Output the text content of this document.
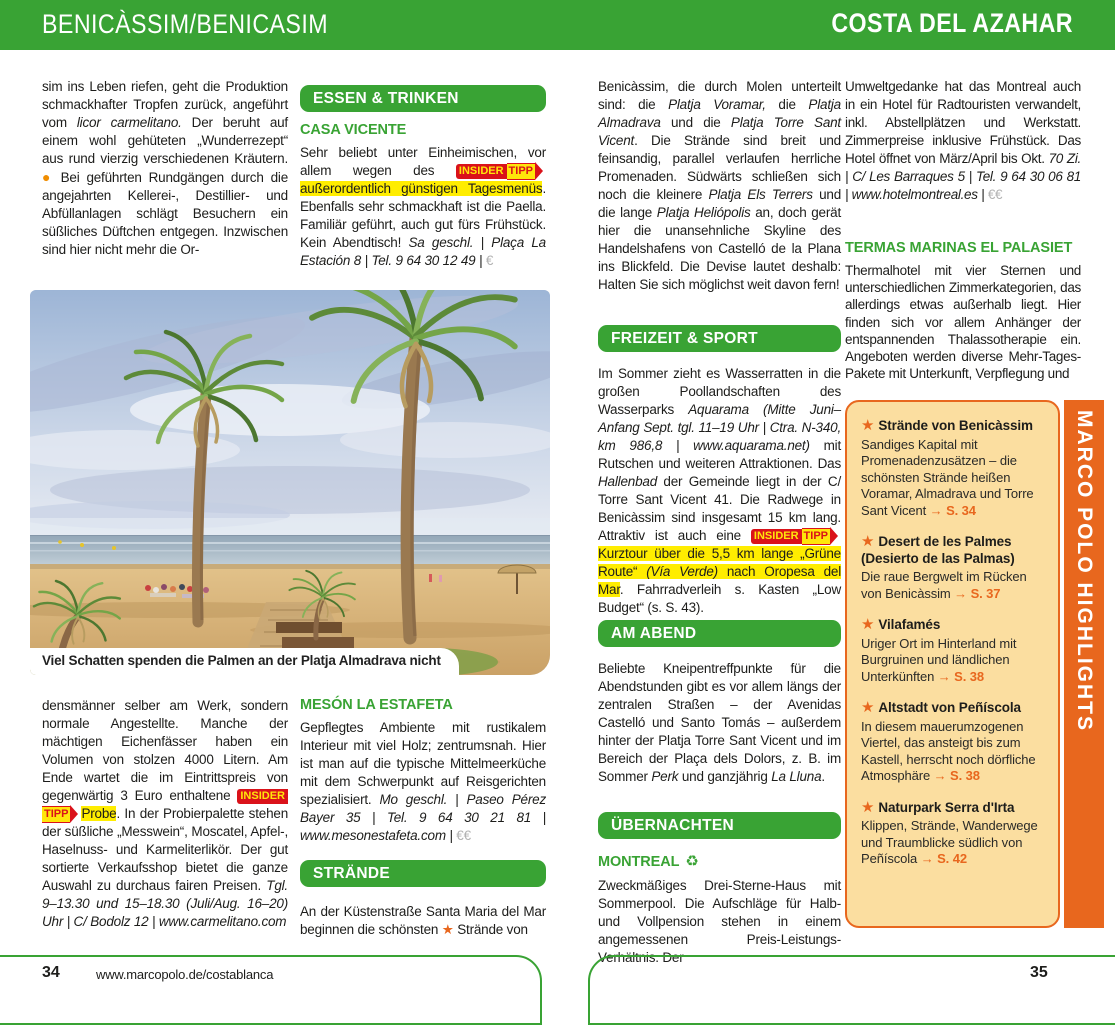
BENICÀSSIM/BENICASIM	COSTA DEL AZAHAR
sim ins Leben riefen, geht die Produktion schmackhafter Tropfen zurück, angeführt vom licor carmelitano. Der beruht auf einem wohl gehüteten „Wunderrezept“ aus rund vierzig verschiedenen Kräutern. ● Bei geführten Rundgängen durch die angejahrten Kellerei-, Destillier- und Abfüllanlagen schlägt Besuchern ein süßliches Düftchen entgegen. Inzwischen sind hier nicht mehr die Or-
ESSEN & TRINKEN
CASA VICENTE
Sehr beliebt unter Einheimischen, vor allem wegen des INSIDER TIPPaußerordentlich günstigen Tagesmenüs. Ebenfalls sehr schmackhaft ist die Paella. Familiär geführt, auch gut fürs Frühstück. Kein Abendtisch! Sa geschl. | Plaça La Estación 8 | Tel. 9 64 30 12 49 | €
Viel Schatten spenden die Palmen an der Platja Almadrava nicht
densmänner selber am Werk, sondern normale Angestellte. Manche der mächtigen Eichenfässer haben ein Volumen von stolzen 4000 Litern. Am Ende wartet die im Eintrittspreis von gegenwärtig 3 Euro enthaltene INSIDERTIPP Probe. In der Probierpalette stehen der süßliche „Messwein“, Moscatel, Apfel-, Haselnuss- und Karmeliterlikör. Der gut sortierte Verkaufsshop bietet die ganze Auswahl zu durchaus fairen Preisen. Tgl. 9–13.30 und 15–18.30 (Juli/Aug. 16–20) Uhr | C/ Bodolz 12 | www.carmelitano.com
MESÓN LA ESTAFETA
Gepflegtes Ambiente mit rustikalem Interieur mit viel Holz; zentrumsnah. Hier ist man auf die typische Mittelmeerküche mit dem Schwerpunkt auf Reisgerichten spezialisiert. Mo geschl. | Paseo Pérez Bayer 35 | Tel. 9 64 30 21 81 | www.mesonestafeta.com | €€
STRÄNDE
An der Küstenstraße Santa Maria del Mar beginnen die schönsten ★ Strände von
Benicàssim, die durch Molen unterteilt sind: die Platja Voramar, die Platja Almadrava und die Platja Torre Sant Vicent. Die Strände sind breit und feinsandig, parallel verlaufen herrliche Promenaden. Südwärts schließen sich noch die kleinere Platja Els Terrers und die lange Platja Heliópolis an, doch gerät hier die unansehnliche Skyline des Handelshafens von Castelló de la Plana ins Blickfeld. Die Devise lautet deshalb: Halten Sie sich möglichst weit davon fern!
FREIZEIT & SPORT
Im Sommer zieht es Wasserratten in die großen Poollandschaften des Wasserparks Aquarama (Mitte Juni–Anfang Sept. tgl. 11–19 Uhr | Ctra. N-340, km 986,8 | www.aquarama.net) mit Rutschen und weiteren Attraktionen. Das Hallenbad der Gemeinde liegt in der C/ Torre Sant Vicent 41. Die Radwege in Benicàssim sind insgesamt 15 km lang. Attraktiv ist auch eine INSIDER TIPPKurztour über die 5,5 km lange „Grüne Route“ (Vía Verde) nach Oropesa del Mar. Fahrradverleih s. Kasten „Low Budget“ (s. S. 43).
AM ABEND
Beliebte Kneipentreffpunkte für die Abendstunden gibt es vor allem längs der zentralen Straßen – der Avenidas Castelló und Santo Tomás – außerdem hinter der Platja Torre Sant Vicent und im Bereich der Plaça dels Dolors, z. B. im Sommer Perk und ganzjährig La Lluna.
ÜBERNACHTEN
MONTREAL ♻
Zweckmäßiges Drei-Sterne-Haus mit Sommerpool. Die Aufschläge für Halb- und Vollpension stehen in einem angemessenen Preis-Leistungs-Verhältnis. Der
Umweltgedanke hat das Montreal auch in ein Hotel für Radtouristen verwandelt, inkl. Abstellplätzen und Werkstatt. Zimmerpreise inklusive Frühstück. Das Hotel öffnet von März/April bis Okt. 70 Zi. | C/ Les Barraques 5 | Tel. 9 64 30 06 81 | www.hotelmontreal.es | €€
TERMAS MARINAS EL PALASIET
Thermalhotel mit vier Sternen und unterschiedlichen Zimmerkategorien, das allerdings etwas außerhalb liegt. Hier finden sich vor allem Anhänger der entspannenden Thalassotherapie ein. Angeboten werden diverse Mehr-Tages-Pakete mit Unterkunft, Verpflegung und
★ Strände von Benicàssim
Sandiges Kapital mit Promenadenzusätzen – die schönsten Strände heißen Voramar, Almadrava und Torre Sant Vicent → S. 34
★ Desert de les Palmes (Desierto de las Palmas)
Die raue Bergwelt im Rücken von Benicàssim → S. 37
★ Vilafamés
Uriger Ort im Hinterland mit Burgruinen und ländlichen Unterkünften → S. 38
★ Altstadt von Peñíscola
In diesem mauerumzogenen Viertel, das ansteigt bis zum Kastell, herrscht noch dörfliche Atmosphäre → S. 38
★ Naturpark Serra d'Irta
Klippen, Strände, Wanderwege und Traumblicke südlich von Peñíscola → S. 42
MARCO POLO HIGHLIGHTS
34	www.marcopolo.de/costablanca	35
